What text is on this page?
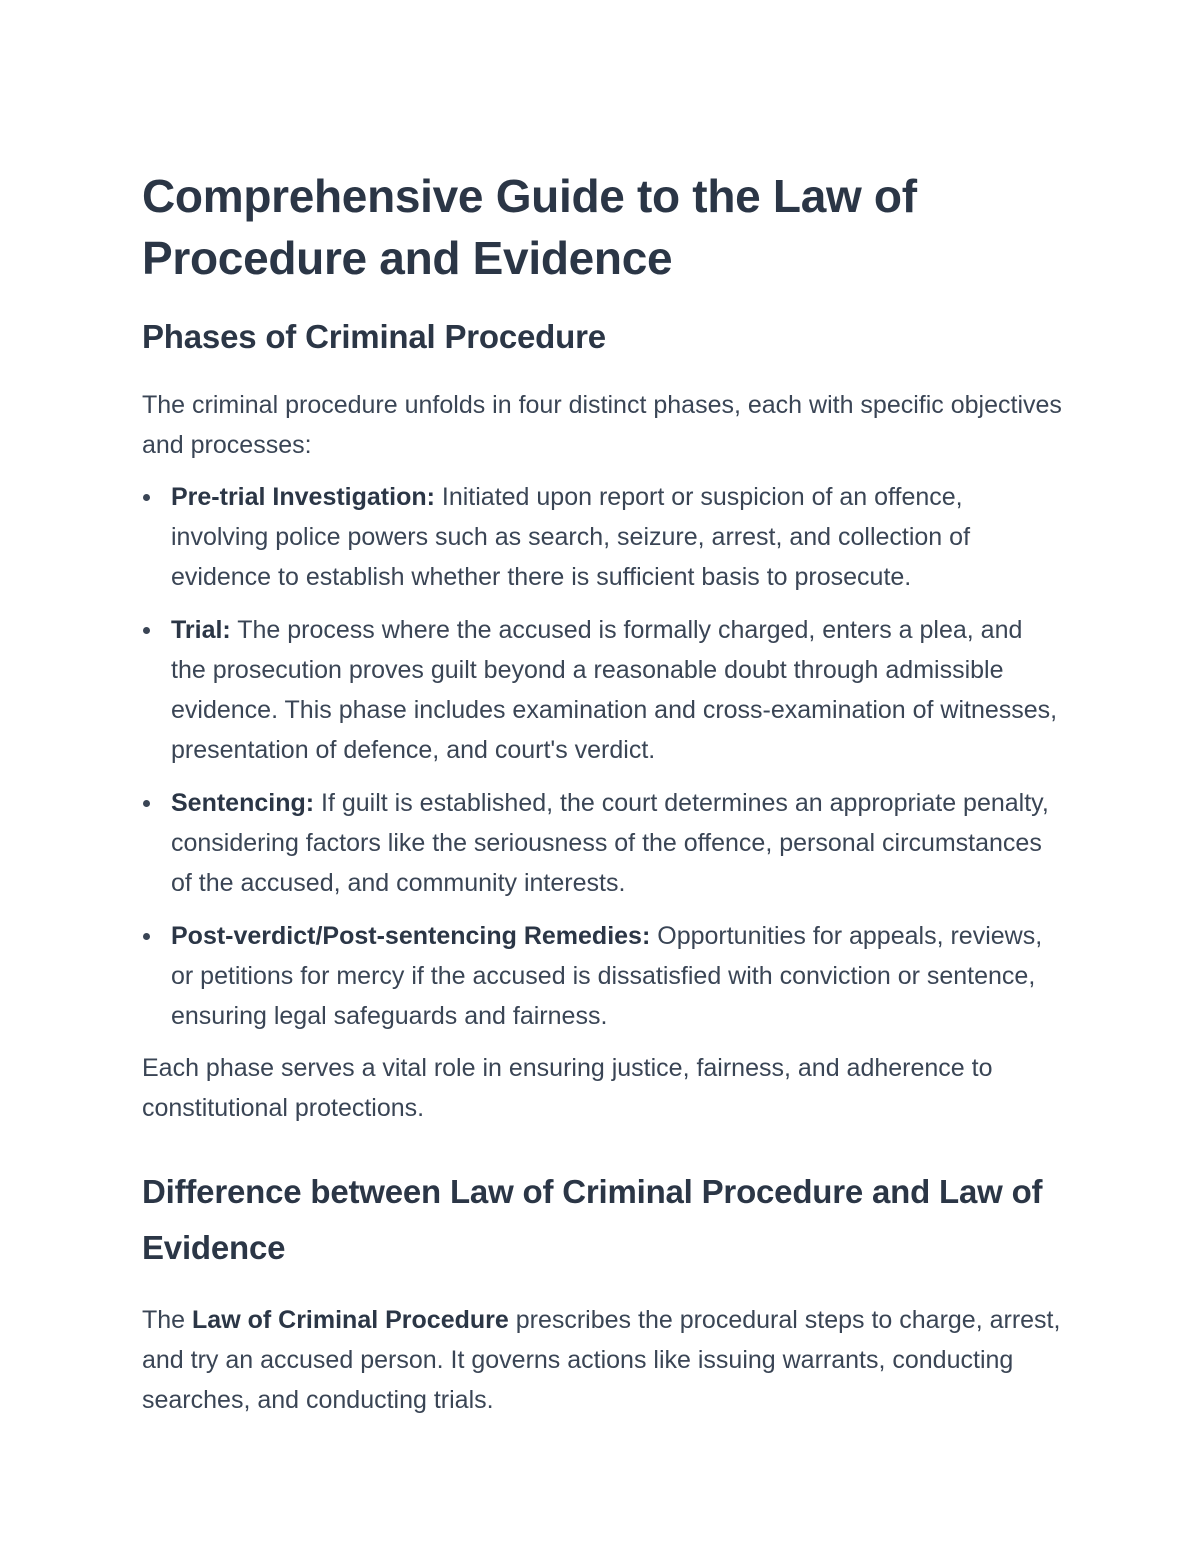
Comprehensive Guide to the Law of Procedure and Evidence
Phases of Criminal Procedure

The criminal procedure unfolds in four distinct phases, each with specific objectives and processes:

Pre-trial Investigation: Initiated upon report or suspicion of an offence, involving police powers such as search, seizure, arrest, and collection of evidence to establish whether there is sufficient basis to prosecute.
Trial: The process where the accused is formally charged, enters a plea, and the prosecution proves guilt beyond a reasonable doubt through admissible evidence. This phase includes examination and cross-examination of witnesses, presentation of defence, and court's verdict.
Sentencing: If guilt is established, the court determines an appropriate penalty, considering factors like the seriousness of the offence, personal circumstances of the accused, and community interests.
Post-verdict/Post-sentencing Remedies: Opportunities for appeals, reviews, or petitions for mercy if the accused is dissatisfied with conviction or sentence, ensuring legal safeguards and fairness.

Each phase serves a vital role in ensuring justice, fairness, and adherence to constitutional protections.

Difference between Law of Criminal Procedure and Law of Evidence

The Law of Criminal Procedure prescribes the procedural steps to charge, arrest, and try an accused person. It governs actions like issuing warrants, conducting searches, and conducting trials.
